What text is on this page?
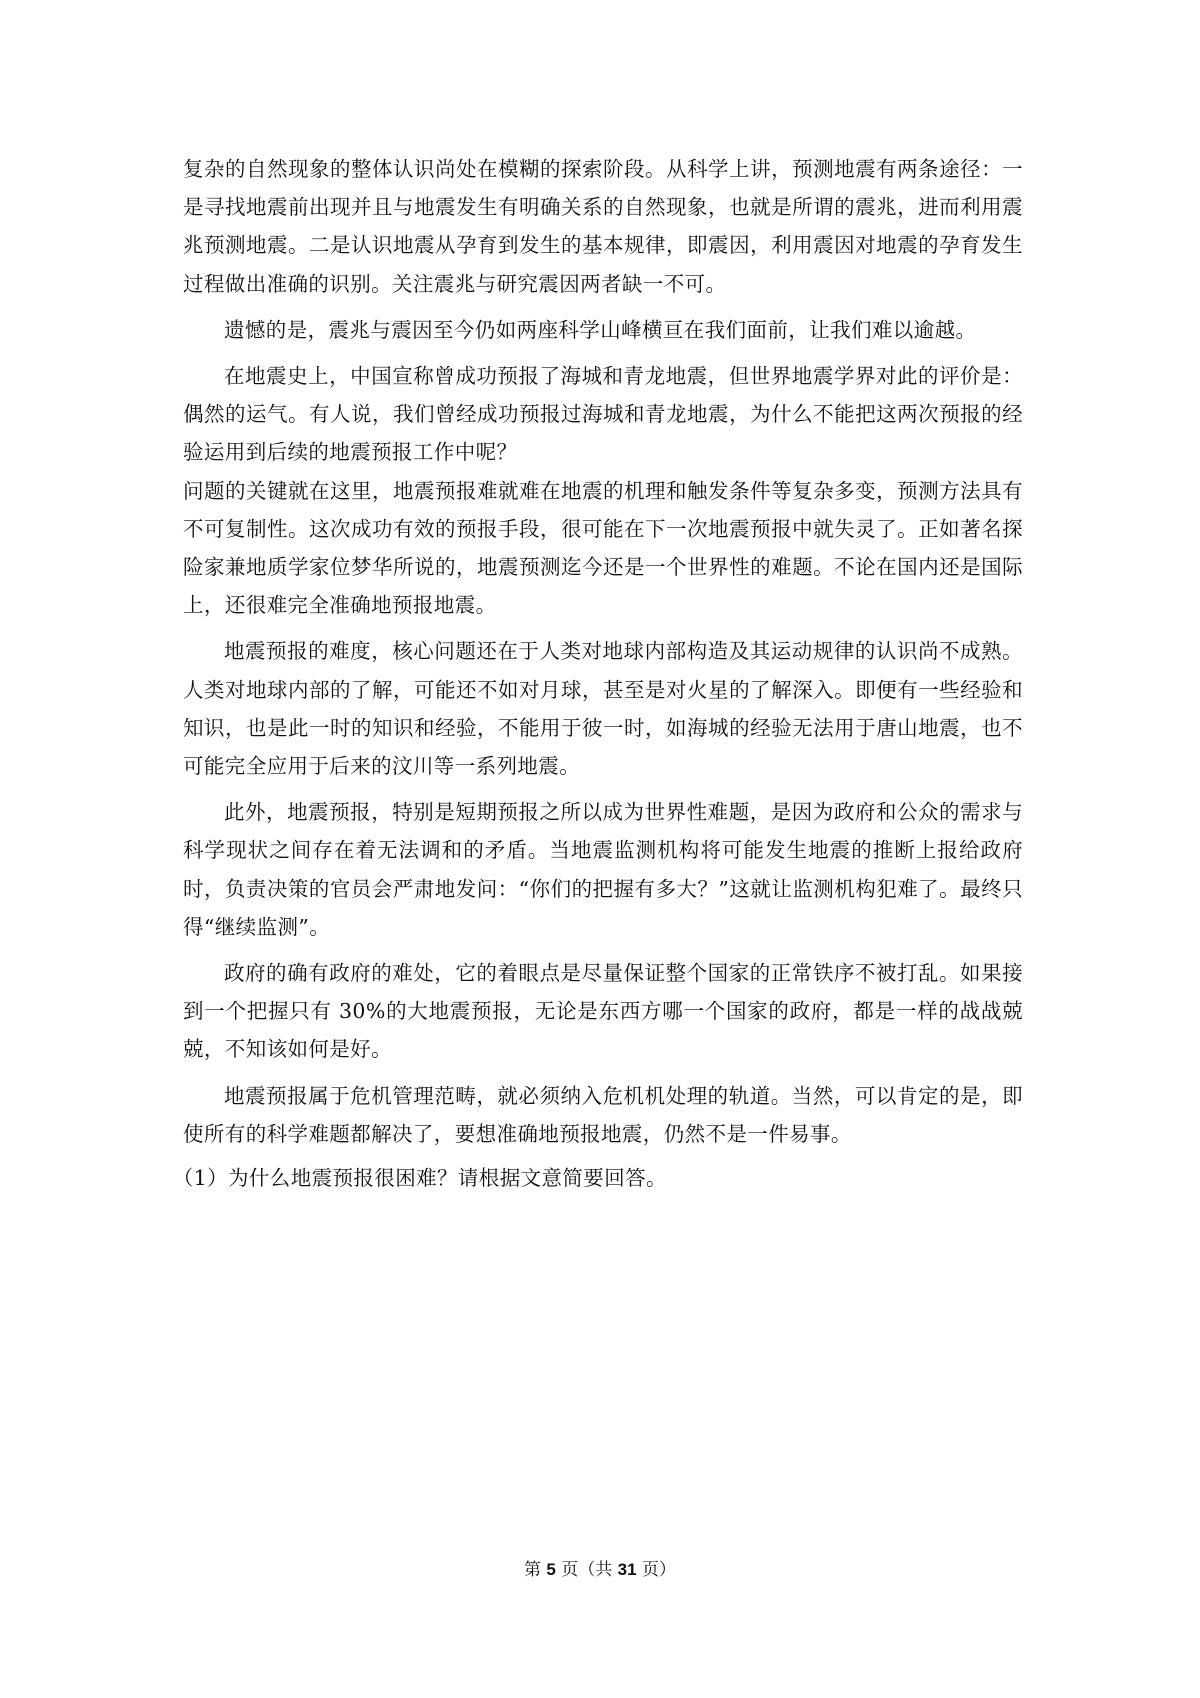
复杂的自然现象的整体认识尚处在模糊的探索阶段。从科学上讲，预测地震有两条途径：一是寻找地震前出现并且与地震发生有明确关系的自然现象，也就是所谓的震兆，进而利用震兆预测地震。二是认识地震从孕育到发生的基本规律，即震因，利用震因对地震的孕育发生过程做出准确的识别。关注震兆与研究震因两者缺一不可。

遗憾的是，震兆与震因至今仍如两座科学山峰横亘在我们面前，让我们难以逾越。

在地震史上，中国宣称曾成功预报了海城和青龙地震，但世界地震学界对此的评价是：偶然的运气。有人说，我们曾经成功预报过海城和青龙地震，为什么不能把这两次预报的经验运用到后续的地震预报工作中呢？

问题的关键就在这里，地震预报难就难在地震的机理和触发条件等复杂多变，预测方法具有不可复制性。这次成功有效的预报手段，很可能在下一次地震预报中就失灵了。正如著名探险家兼地质学家位梦华所说的，地震预测迄今还是一个世界性的难题。不论在国内还是国际上，还很难完全准确地预报地震。

地震预报的难度，核心问题还在于人类对地球内部构造及其运动规律的认识尚不成熟。人类对地球内部的了解，可能还不如对月球，甚至是对火星的了解深入。即便有一些经验和知识，也是此一时的知识和经验，不能用于彼一时，如海城的经验无法用于唐山地震，也不可能完全应用于后来的汶川等一系列地震。

此外，地震预报，特别是短期预报之所以成为世界性难题，是因为政府和公众的需求与科学现状之间存在着无法调和的矛盾。当地震监测机构将可能发生地震的推断上报给政府时，负责决策的官员会严肃地发问：“你们的把握有多大？”这就让监测机构犯难了。最终只得“继续监测”。

政府的确有政府的难处，它的着眼点是尽量保证整个国家的正常铁序不被打乱。如果接到一个把握只有 30%的大地震预报，无论是东西方哪一个国家的政府，都是一样的战战兢兢，不知该如何是好。

地震预报属于危机管理范畴，就必须纳入危机机处理的轨道。当然，可以肯定的是，即使所有的科学难题都解决了，要想准确地预报地震，仍然不是一件易事。

（1）为什么地震预报很困难？请根据文意简要回答。

第 5 页（共 31 页）
